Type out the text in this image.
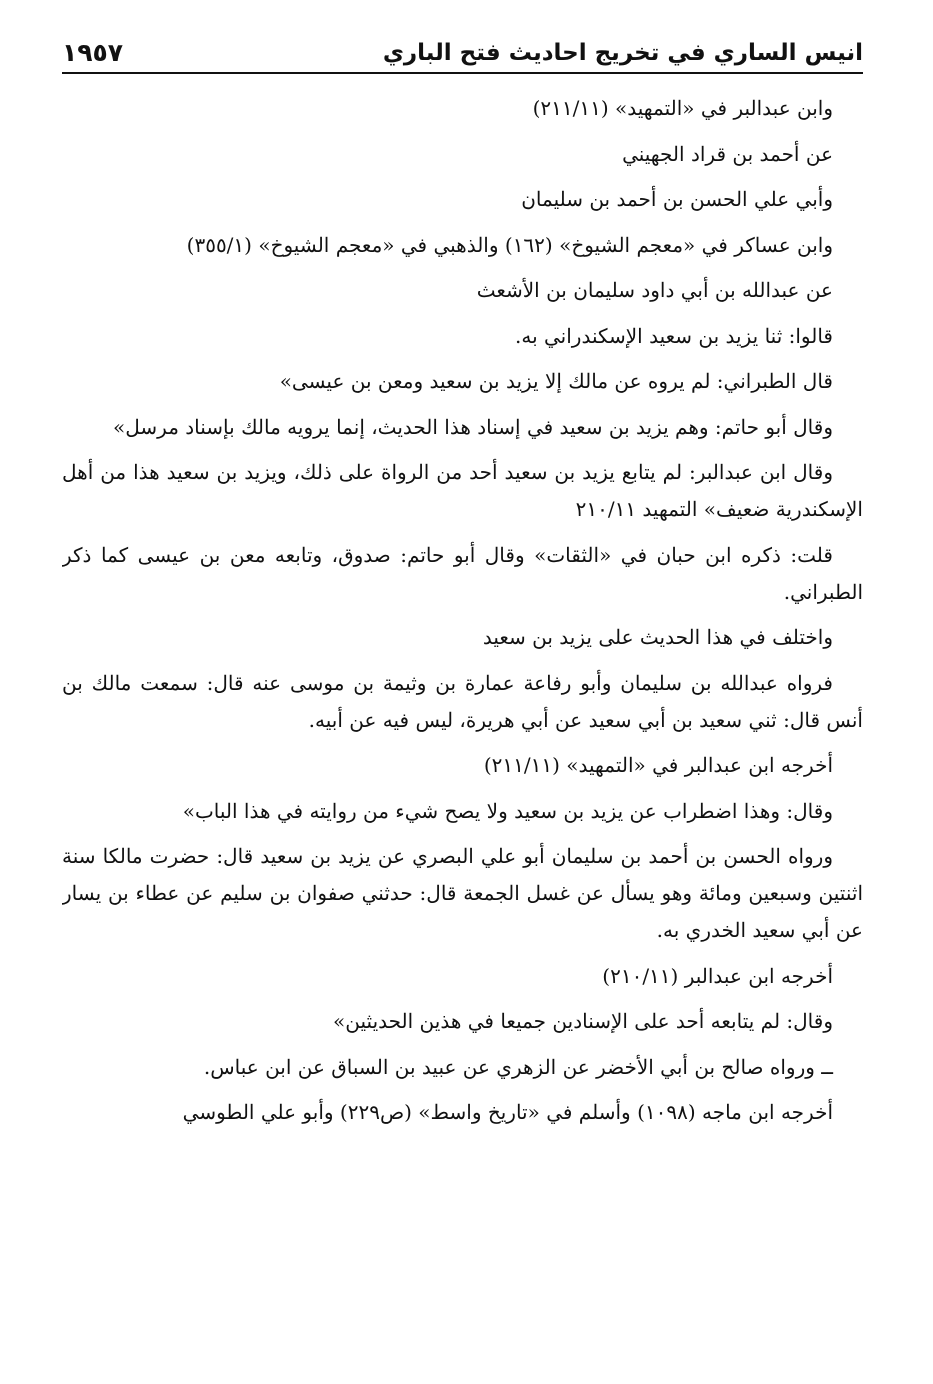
انيس الساري في تخريج احاديث فتح الباري
١٩٥٧

وابن عبدالبر في «التمهيد» (٢١١/١١)

عن أحمد بن قراد الجهيني

وأبي علي الحسن بن أحمد بن سليمان

وابن عساكر في «معجم الشيوخ» (١٦٢) والذهبي في «معجم الشيوخ» (٣٥٥/١)

عن عبدالله بن أبي داود سليمان بن الأشعث

قالوا: ثنا يزيد بن سعيد الإسكندراني به.

قال الطبراني: لم يروه عن مالك إلا يزيد بن سعيد ومعن بن عيسى»

وقال أبو حاتم: وهم يزيد بن سعيد في إسناد هذا الحديث، إنما يرويه مالك بإسناد مرسل»

وقال ابن عبدالبر: لم يتابع يزيد بن سعيد أحد من الرواة على ذلك، ويزيد بن سعيد هذا من أهل الإسكندرية ضعيف» التمهيد ٢١٠/١١

قلت: ذكره ابن حبان في «الثقات» وقال أبو حاتم: صدوق، وتابعه معن بن عيسى كما ذكر الطبراني.

واختلف في هذا الحديث على يزيد بن سعيد

فرواه عبدالله بن سليمان وأبو رفاعة عمارة بن وثيمة بن موسى عنه قال: سمعت مالك بن أنس قال: ثني سعيد بن أبي سعيد عن أبي هريرة، ليس فيه عن أبيه.

أخرجه ابن عبدالبر في «التمهيد» (٢١١/١١)

وقال: وهذا اضطراب عن يزيد بن سعيد ولا يصح شيء من روايته في هذا الباب»

ورواه الحسن بن أحمد بن سليمان أبو علي البصري عن يزيد بن سعيد قال: حضرت مالكا سنة اثنتين وسبعين ومائة وهو يسأل عن غسل الجمعة قال: حدثني صفوان بن سليم عن عطاء بن يسار عن أبي سعيد الخدري به.

أخرجه ابن عبدالبر (٢١٠/١١)

وقال: لم يتابعه أحد على الإسنادين جميعا في هذين الحديثين»

ــ ورواه صالح بن أبي الأخضر عن الزهري عن عبيد بن السباق عن ابن عباس.

أخرجه ابن ماجه (١٠٩٨) وأسلم في «تاريخ واسط» (ص٢٢٩) وأبو علي الطوسي
